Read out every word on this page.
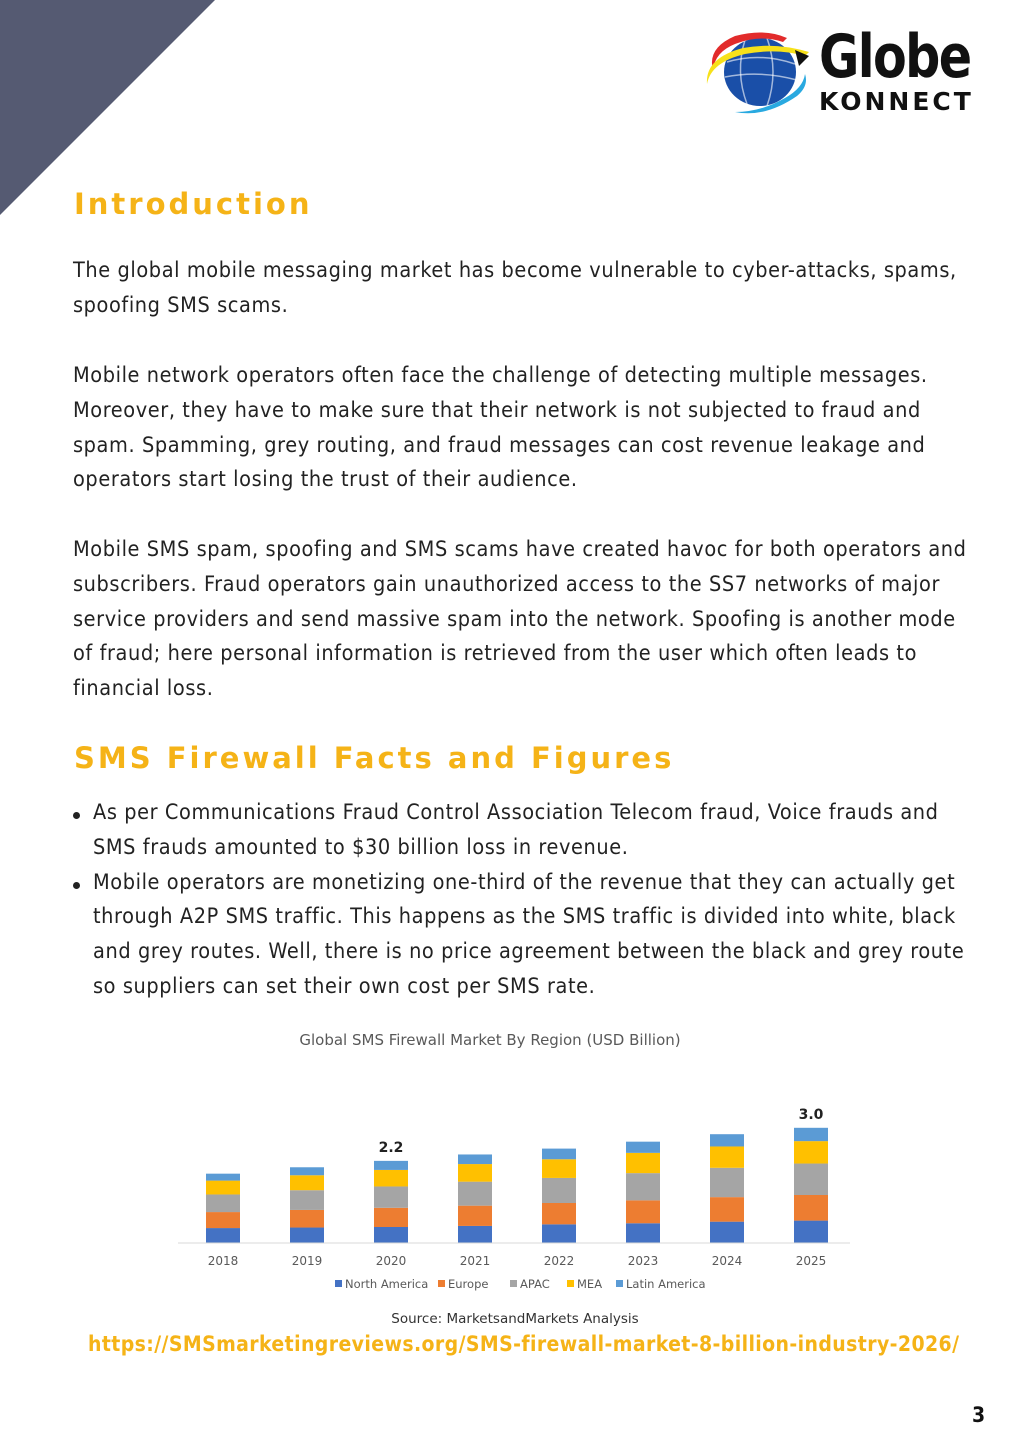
Globe
KONNECT
Introduction

The global mobile messaging market has become vulnerable to cyber-attacks, spams, spoofing SMS scams.

Mobile network operators often face the challenge of detecting multiple messages. Moreover, they have to make sure that their network is not subjected to fraud and spam. Spamming, grey routing, and fraud messages can cost revenue leakage and operators start losing the trust of their audience.

Mobile SMS spam, spoofing and SMS scams have created havoc for both operators and subscribers. Fraud operators gain unauthorized access to the SS7 networks of major service providers and send massive spam into the network. Spoofing is another mode of fraud; here personal information is retrieved from the user which often leads to financial loss.

SMS Firewall Facts and Figures
As per Communications Fraud Control Association Telecom fraud, Voice frauds and SMS frauds amounted to $30 billion loss in revenue.
Mobile operators are monetizing one-third of the revenue that they can actually get through A2P SMS traffic. This happens as the SMS traffic is divided into white, black and grey routes. Well, there is no price agreement between the black and grey route so suppliers can set their own cost per SMS rate.
Global SMS Firewall Market By Region (USD Billion)
2.2
3.0
2018	2019	2020	2021	2022	2023	2024	2025
North America Europe	APAC MEA Latin America
Source: MarketsandMarkets Analysis

https://SMSmarketingreviews.org/SMS-firewall-market-8-billion-industry-2026/

3
